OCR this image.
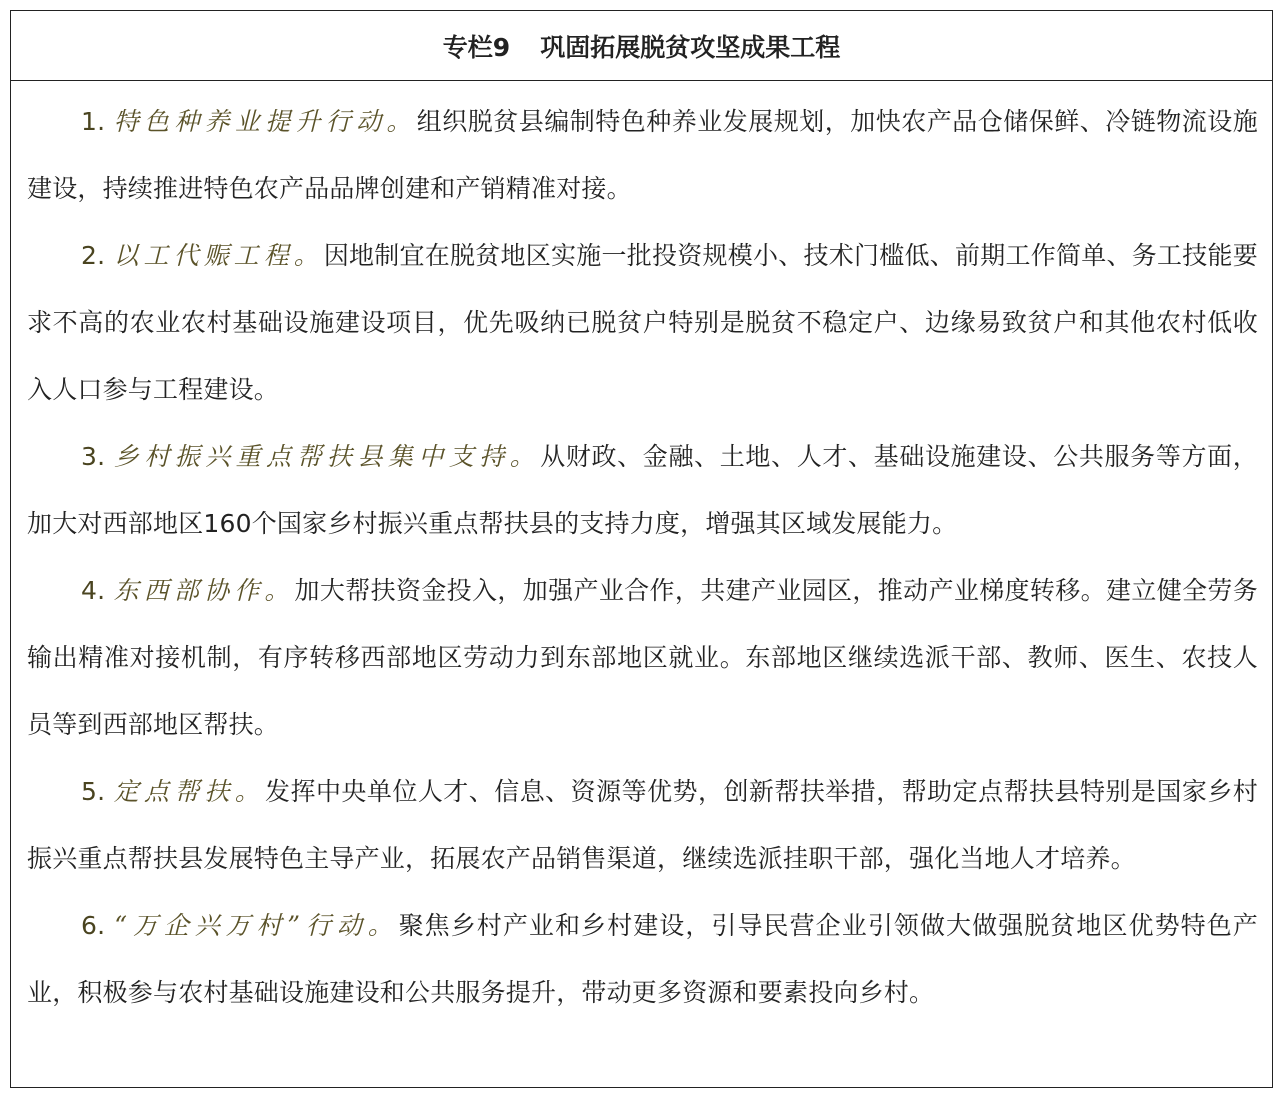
专栏9 巩固拓展脱贫攻坚成果工程

1. 特色种养业提升行动。组织脱贫县编制特色种养业发展规划，加快农产品仓储保鲜、冷链物流设施建设，持续推进特色农产品品牌创建和产销精准对接。

2. 以工代赈工程。因地制宜在脱贫地区实施一批投资规模小、技术门槛低、前期工作简单、务工技能要求不高的农业农村基础设施建设项目，优先吸纳已脱贫户特别是脱贫不稳定户、边缘易致贫户和其他农村低收入人口参与工程建设。

3. 乡村振兴重点帮扶县集中支持。从财政、金融、土地、人才、基础设施建设、公共服务等方面，加大对西部地区160个国家乡村振兴重点帮扶县的支持力度，增强其区域发展能力。

4. 东西部协作。加大帮扶资金投入，加强产业合作，共建产业园区，推动产业梯度转移。建立健全劳务输出精准对接机制，有序转移西部地区劳动力到东部地区就业。东部地区继续选派干部、教师、医生、农技人员等到西部地区帮扶。

5. 定点帮扶。发挥中央单位人才、信息、资源等优势，创新帮扶举措，帮助定点帮扶县特别是国家乡村振兴重点帮扶县发展特色主导产业，拓展农产品销售渠道，继续选派挂职干部，强化当地人才培养。

6. “万企兴万村”行动。聚焦乡村产业和乡村建设，引导民营企业引领做大做强脱贫地区优势特色产业，积极参与农村基础设施建设和公共服务提升，带动更多资源和要素投向乡村。
